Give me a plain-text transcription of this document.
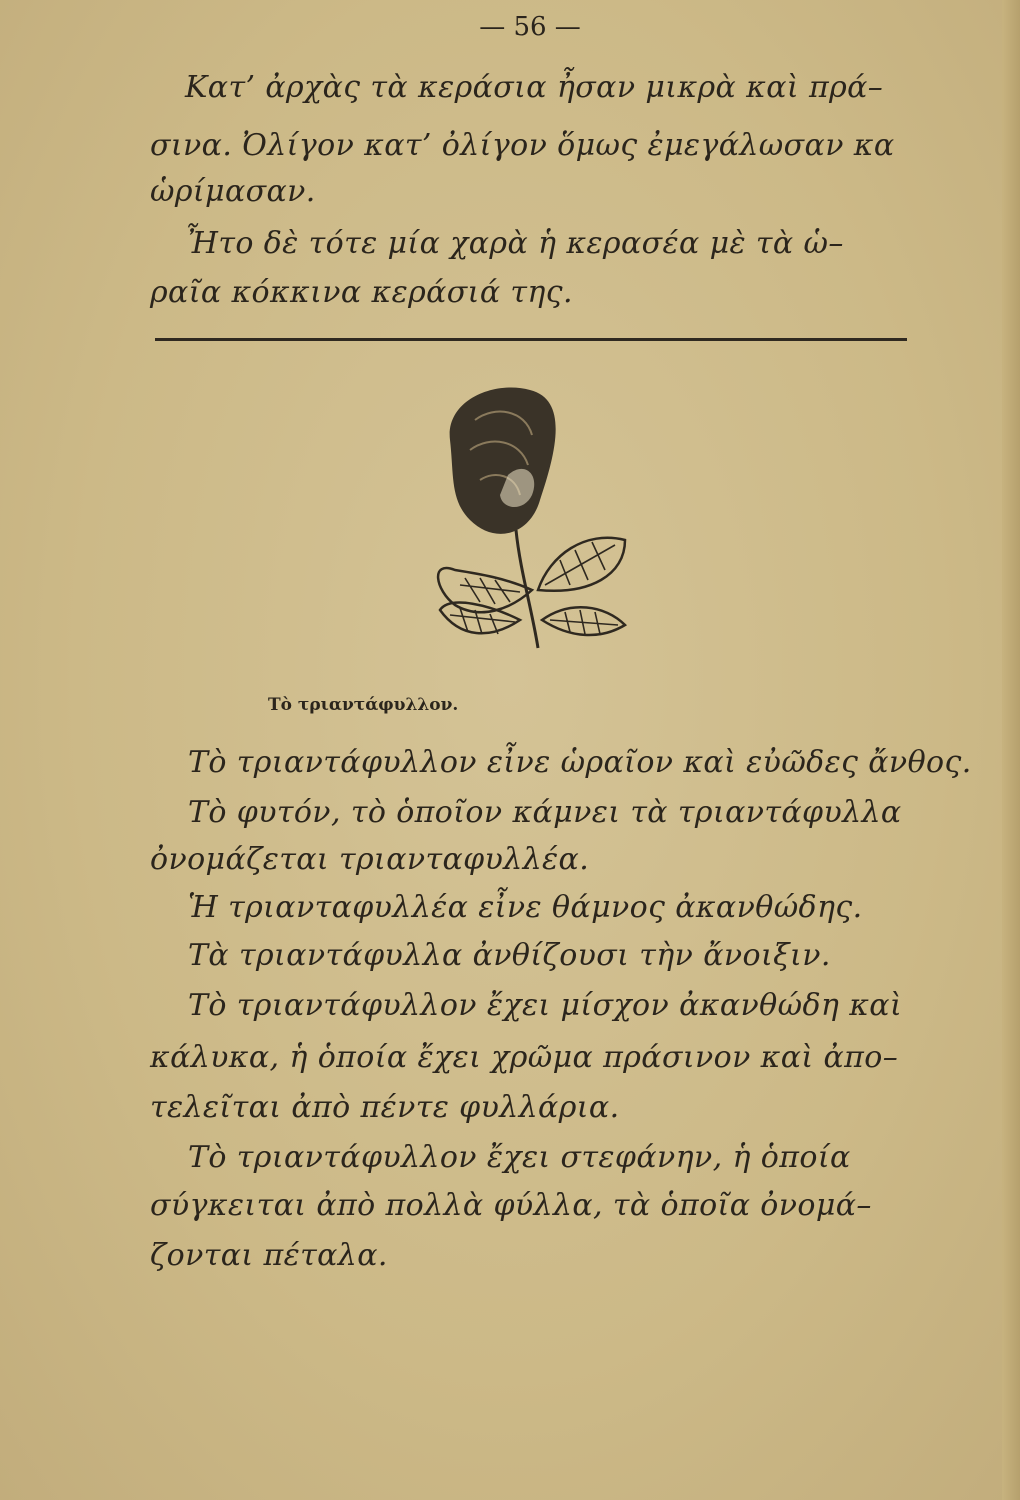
— 56 —
Κατ’ ἀρχὰς τὰ κεράσια ἦσαν μικρὰ καὶ πρά–
σινα. Ὀλίγον κατ’ ὀλίγον ὅμως ἐμεγάλωσαν κα
ὡρίμασαν.
Ἦτο δὲ τότε μία χαρὰ ἡ κερασέα μὲ τὰ ὡ–
ραῖα κόκκινα κεράσιά της.
Τὸ τριαντάφυλλον.
Τὸ τριαντάφυλλον εἶνε ὡραῖον καὶ εὐῶδες ἄνθος.
Τὸ φυτόν, τὸ ὁποῖον κάμνει τὰ τριαντάφυλλα
ὀνομάζεται τριανταφυλλέα.
Ἡ τριανταφυλλέα εἶνε θάμνος ἀκανθώδης.
Τὰ τριαντάφυλλα ἀνθίζουσι τὴν ἄνοιξιν.
Τὸ τριαντάφυλλον ἔχει μίσχον ἀκανθώδη καὶ
κάλυκα, ἡ ὁποία ἔχει χρῶμα πράσινον καὶ ἀπο–
τελεῖται ἀπὸ πέντε φυλλάρια.
Τὸ τριαντάφυλλον ἔχει στεφάνην, ἡ ὁποία
σύγκειται ἀπὸ πολλὰ φύλλα, τὰ ὁποῖα ὀνομά–
ζονται πέταλα.
